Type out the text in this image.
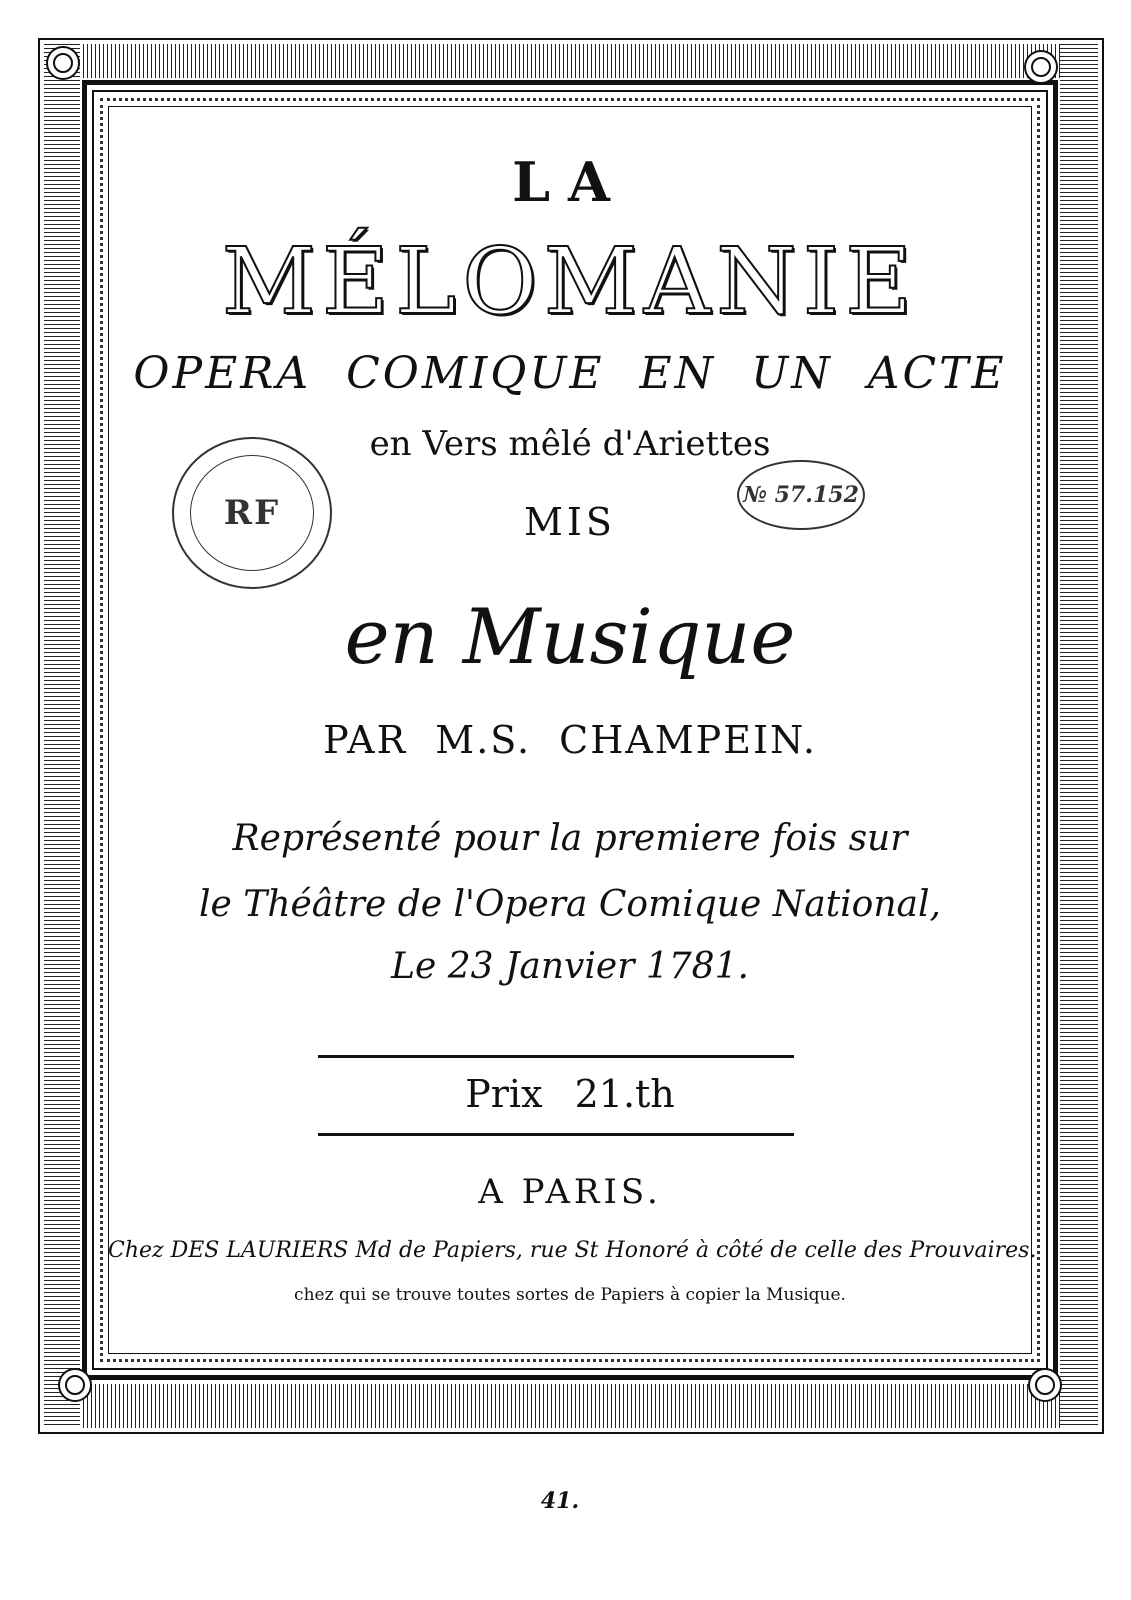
LA
MÉLOMANIE
OPERA COMIQUE EN UN ACTE
en Vers mêlé d'Ariettes
MIS
en Musique
PAR M.S. CHAMPEIN.
Représenté pour la premiere fois sur
le Théâtre de l'Opera Comique National,
Le 23 Janvier 1781.
Prix 21.th
A PARIS.
Chez DES LAURIERS Md de Papiers, rue St Honoré à côté de celle des Prouvaires.
chez qui se trouve toutes sortes de Papiers à copier la Musique.
RF	№ 57.152
41.
